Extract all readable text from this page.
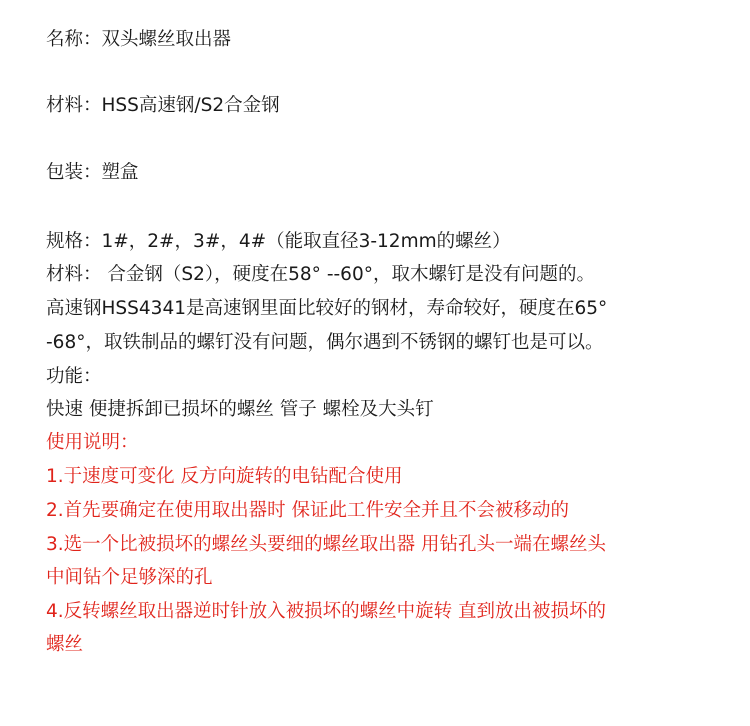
名称：双头螺丝取出器

材料：HSS高速钢/S2合金钢

包装：塑盒

规格：1#，2#，3#，4#（能取直径3-12mm的螺丝）

材料： 合金钢（S2），硬度在58° --60°，取木螺钉是没有问题的。

高速钢HSS4341是高速钢里面比较好的钢材，寿命较好，硬度在65°

-68°，取铁制品的螺钉没有问题，偶尔遇到不锈钢的螺钉也是可以。

功能：

快速 便捷拆卸已损坏的螺丝 管子 螺栓及大头钉

使用说明：

1.于速度可变化 反方向旋转的电钻配合使用

2.首先要确定在使用取出器时 保证此工件安全并且不会被移动的

3.选一个比被损坏的螺丝头要细的螺丝取出器 用钻孔头一端在螺丝头

中间钻个足够深的孔

4.反转螺丝取出器逆时针放入被损坏的螺丝中旋转 直到放出被损坏的

螺丝
